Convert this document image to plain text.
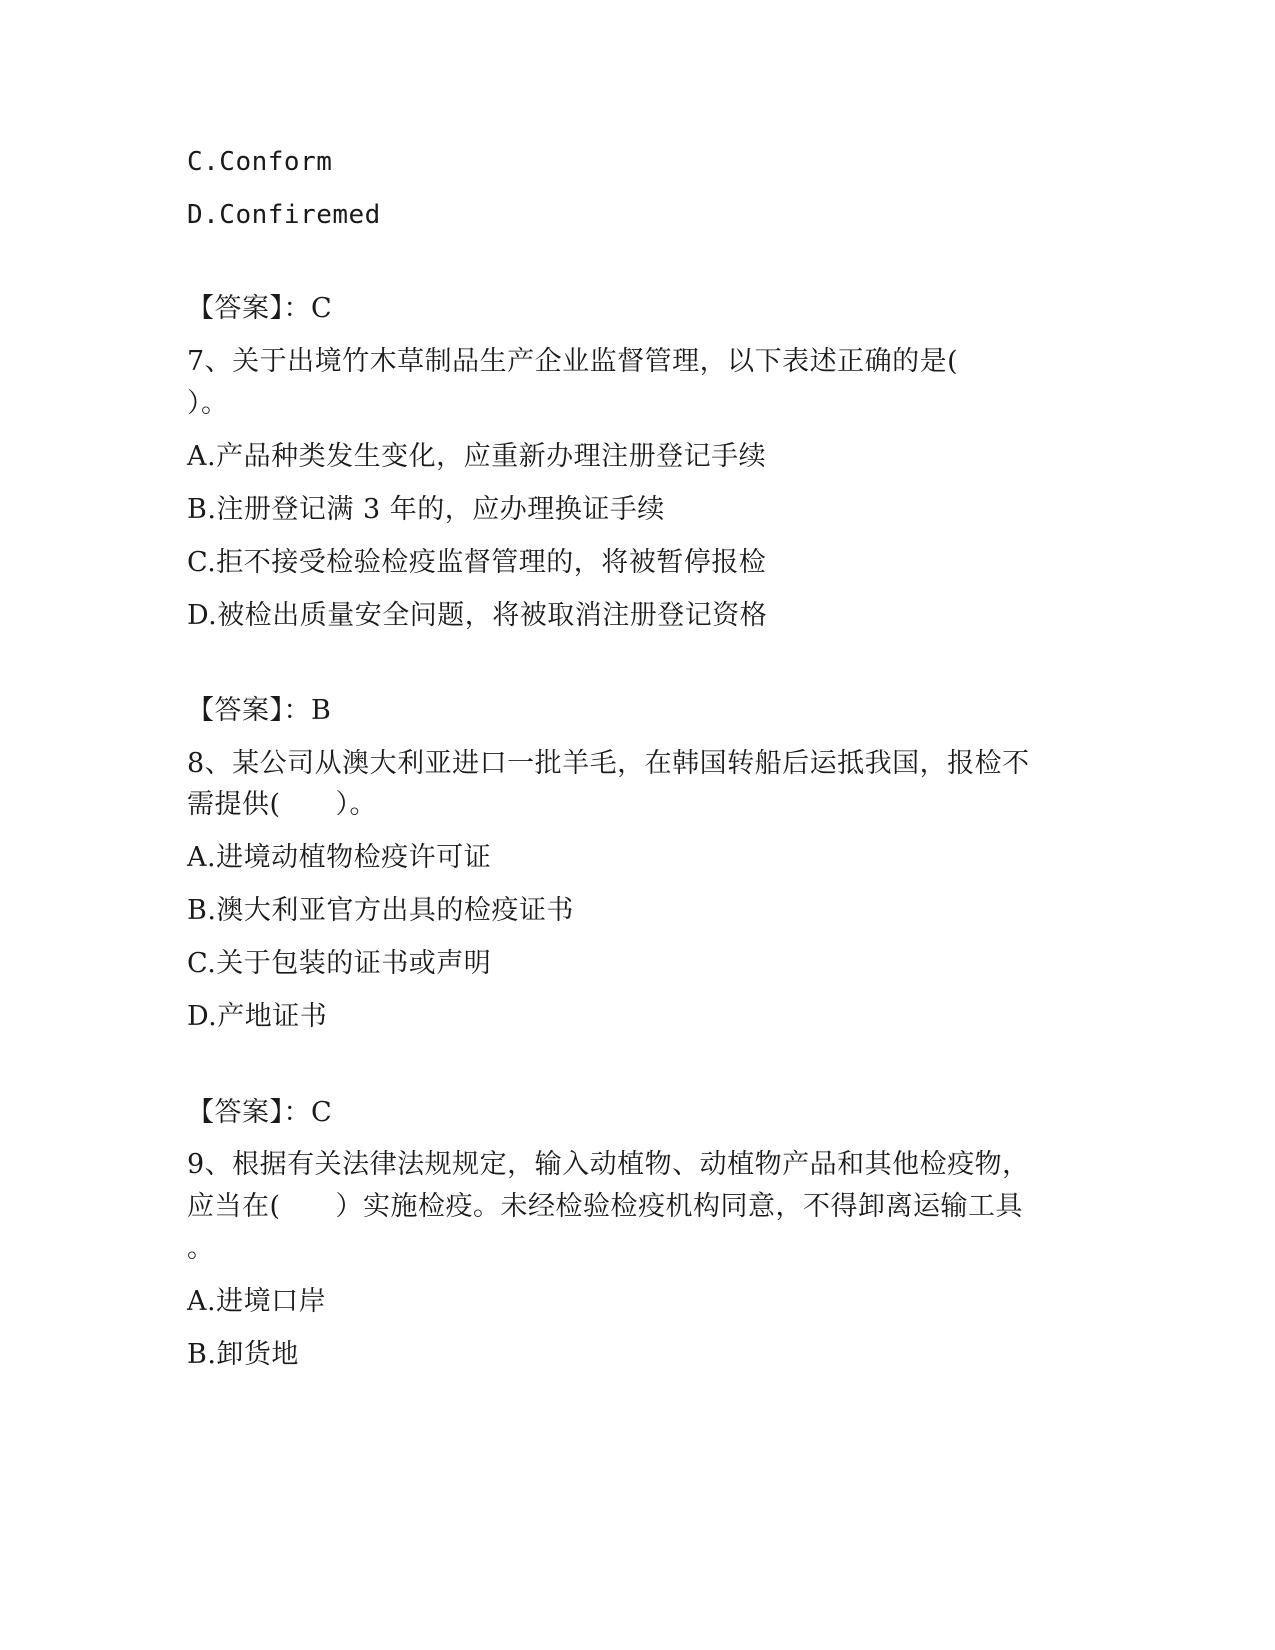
C.Conform
D.Confiremed
【答案】：C
7、关于出境竹木草制品生产企业监督管理，以下表述正确的是(
）。
A.产品种类发生变化，应重新办理注册登记手续
B.注册登记满 3 年的，应办理换证手续
C.拒不接受检验检疫监督管理的，将被暂停报检
D.被检出质量安全问题，将被取消注册登记资格
【答案】：B
8、某公司从澳大利亚进口一批羊毛，在韩国转船后运抵我国，报检不
需提供(　　）。
A.进境动植物检疫许可证
B.澳大利亚官方出具的检疫证书
C.关于包装的证书或声明
D.产地证书
【答案】：C
9、根据有关法律法规规定，输入动植物、动植物产品和其他检疫物，
应当在(　　）实施检疫。未经检验检疫机构同意，不得卸离运输工具
。
A.进境口岸
B.卸货地
